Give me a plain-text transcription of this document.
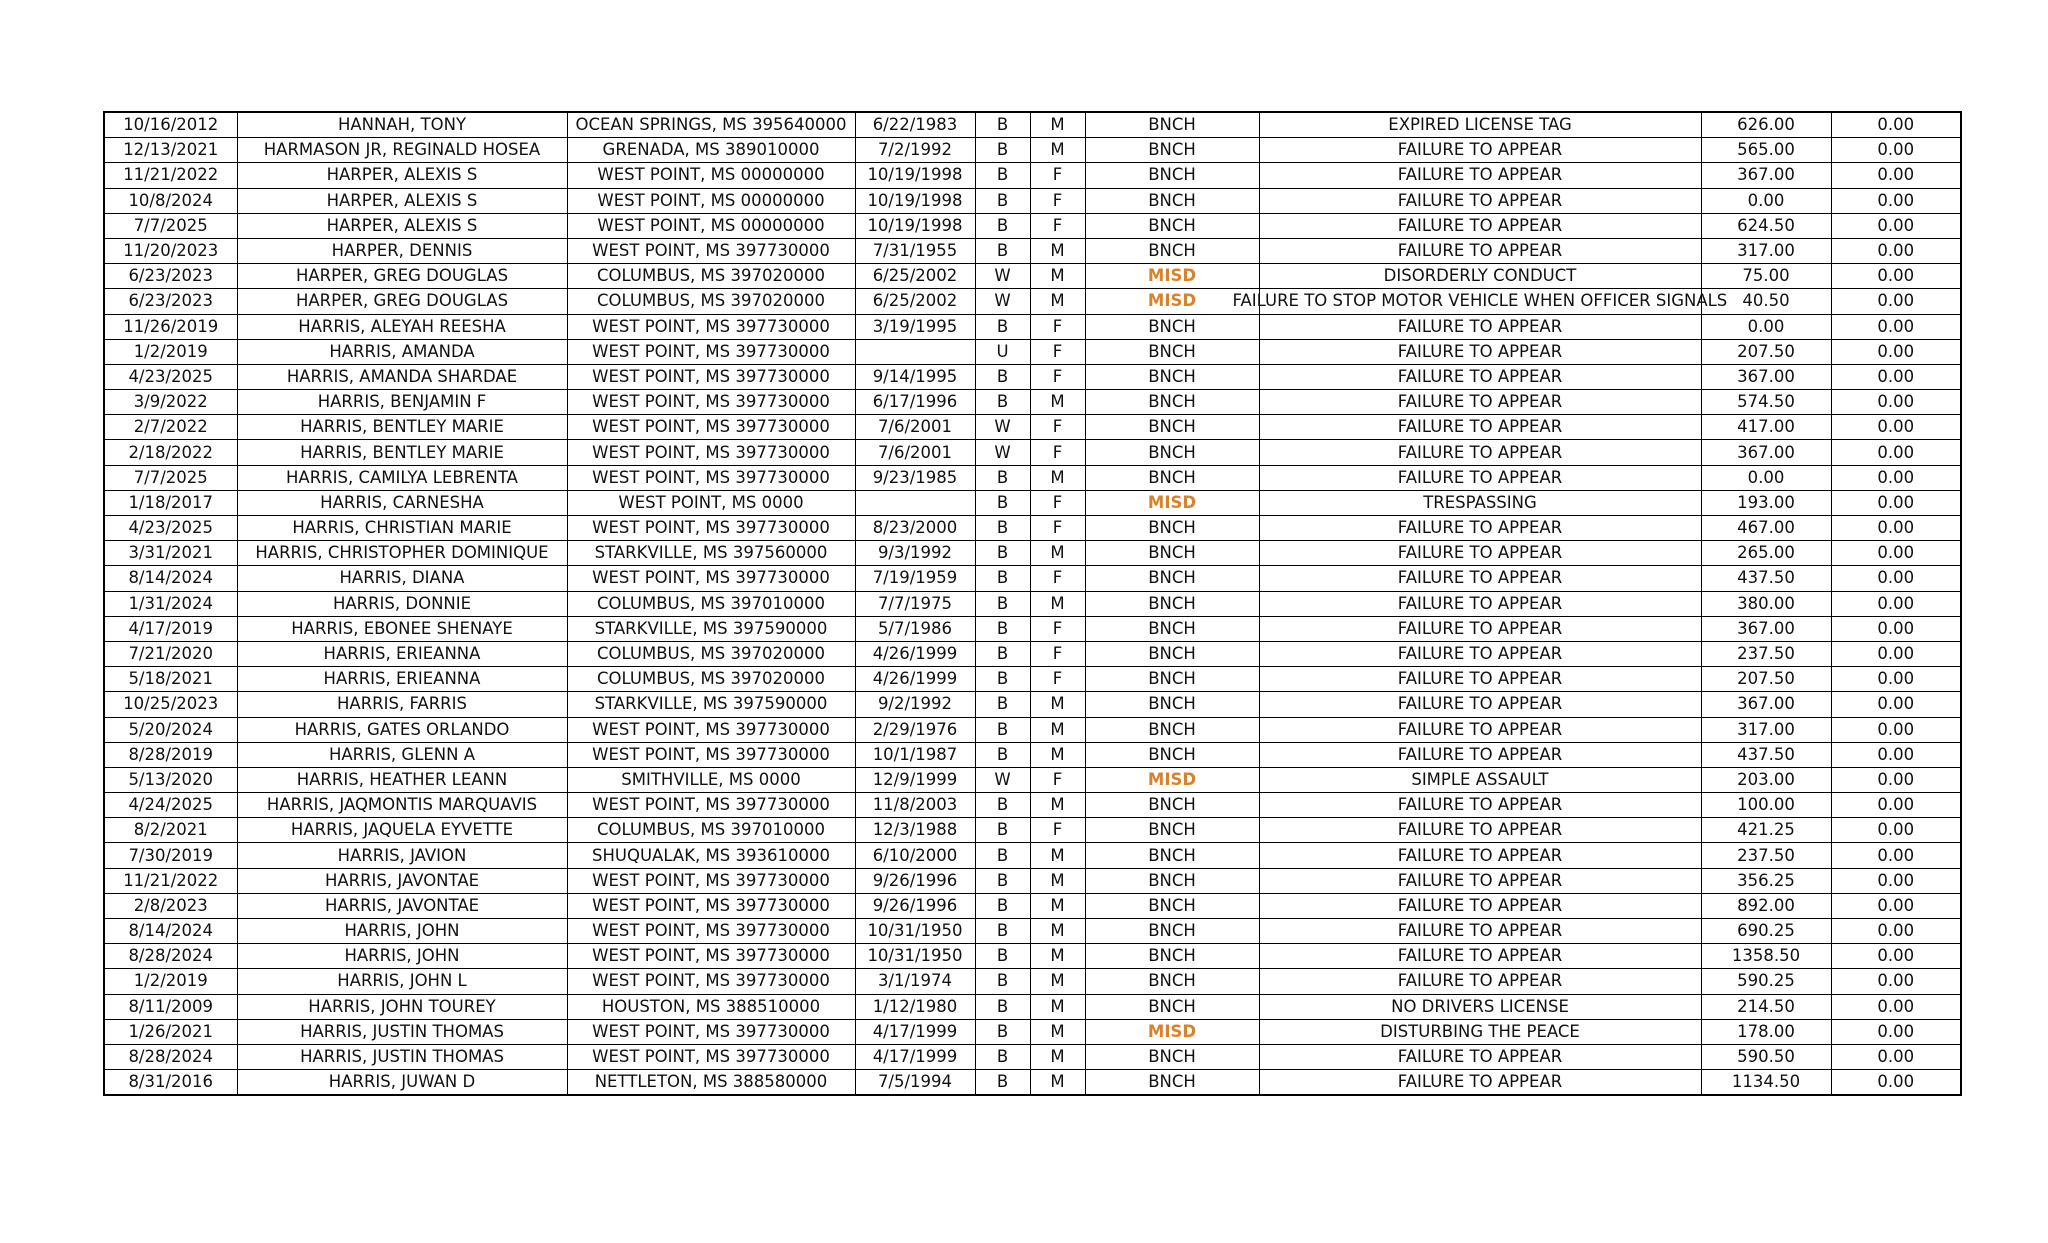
10/16/2012	HANNAH, TONY	OCEAN SPRINGS, MS 395640000	6/22/1983	B	M	BNCH	EXPIRED LICENSE TAG	626.00	0.00
12/13/2021	HARMASON JR, REGINALD HOSEA	GRENADA, MS 389010000	7/2/1992	B	M	BNCH	FAILURE TO APPEAR	565.00	0.00
11/21/2022	HARPER, ALEXIS S	WEST POINT, MS 00000000	10/19/1998	B	F	BNCH	FAILURE TO APPEAR	367.00	0.00
10/8/2024	HARPER, ALEXIS S	WEST POINT, MS 00000000	10/19/1998	B	F	BNCH	FAILURE TO APPEAR	0.00	0.00
7/7/2025	HARPER, ALEXIS S	WEST POINT, MS 00000000	10/19/1998	B	F	BNCH	FAILURE TO APPEAR	624.50	0.00
11/20/2023	HARPER, DENNIS	WEST POINT, MS 397730000	7/31/1955	B	M	BNCH	FAILURE TO APPEAR	317.00	0.00
6/23/2023	HARPER, GREG DOUGLAS	COLUMBUS, MS 397020000	6/25/2002	W	M	MISD	DISORDERLY CONDUCT	75.00	0.00
6/23/2023	HARPER, GREG DOUGLAS	COLUMBUS, MS 397020000	6/25/2002	W	M	MISD	FAILURE TO STOP MOTOR VEHICLE WHEN OFFICER SIGNALS	40.50	0.00
11/26/2019	HARRIS, ALEYAH REESHA	WEST POINT, MS 397730000	3/19/1995	B	F	BNCH	FAILURE TO APPEAR	0.00	0.00
1/2/2019	HARRIS, AMANDA	WEST POINT, MS 397730000		U	F	BNCH	FAILURE TO APPEAR	207.50	0.00
4/23/2025	HARRIS, AMANDA SHARDAE	WEST POINT, MS 397730000	9/14/1995	B	F	BNCH	FAILURE TO APPEAR	367.00	0.00
3/9/2022	HARRIS, BENJAMIN F	WEST POINT, MS 397730000	6/17/1996	B	M	BNCH	FAILURE TO APPEAR	574.50	0.00
2/7/2022	HARRIS, BENTLEY MARIE	WEST POINT, MS 397730000	7/6/2001	W	F	BNCH	FAILURE TO APPEAR	417.00	0.00
2/18/2022	HARRIS, BENTLEY MARIE	WEST POINT, MS 397730000	7/6/2001	W	F	BNCH	FAILURE TO APPEAR	367.00	0.00
7/7/2025	HARRIS, CAMILYA LEBRENTA	WEST POINT, MS 397730000	9/23/1985	B	M	BNCH	FAILURE TO APPEAR	0.00	0.00
1/18/2017	HARRIS, CARNESHA	WEST POINT, MS 0000		B	F	MISD	TRESPASSING	193.00	0.00
4/23/2025	HARRIS, CHRISTIAN MARIE	WEST POINT, MS 397730000	8/23/2000	B	F	BNCH	FAILURE TO APPEAR	467.00	0.00
3/31/2021	HARRIS, CHRISTOPHER DOMINIQUE	STARKVILLE, MS 397560000	9/3/1992	B	M	BNCH	FAILURE TO APPEAR	265.00	0.00
8/14/2024	HARRIS, DIANA	WEST POINT, MS 397730000	7/19/1959	B	F	BNCH	FAILURE TO APPEAR	437.50	0.00
1/31/2024	HARRIS, DONNIE	COLUMBUS, MS 397010000	7/7/1975	B	M	BNCH	FAILURE TO APPEAR	380.00	0.00
4/17/2019	HARRIS, EBONEE SHENAYE	STARKVILLE, MS 397590000	5/7/1986	B	F	BNCH	FAILURE TO APPEAR	367.00	0.00
7/21/2020	HARRIS, ERIEANNA	COLUMBUS, MS 397020000	4/26/1999	B	F	BNCH	FAILURE TO APPEAR	237.50	0.00
5/18/2021	HARRIS, ERIEANNA	COLUMBUS, MS 397020000	4/26/1999	B	F	BNCH	FAILURE TO APPEAR	207.50	0.00
10/25/2023	HARRIS, FARRIS	STARKVILLE, MS 397590000	9/2/1992	B	M	BNCH	FAILURE TO APPEAR	367.00	0.00
5/20/2024	HARRIS, GATES ORLANDO	WEST POINT, MS 397730000	2/29/1976	B	M	BNCH	FAILURE TO APPEAR	317.00	0.00
8/28/2019	HARRIS, GLENN A	WEST POINT, MS 397730000	10/1/1987	B	M	BNCH	FAILURE TO APPEAR	437.50	0.00
5/13/2020	HARRIS, HEATHER LEANN	SMITHVILLE, MS 0000	12/9/1999	W	F	MISD	SIMPLE ASSAULT	203.00	0.00
4/24/2025	HARRIS, JAQMONTIS MARQUAVIS	WEST POINT, MS 397730000	11/8/2003	B	M	BNCH	FAILURE TO APPEAR	100.00	0.00
8/2/2021	HARRIS, JAQUELA EYVETTE	COLUMBUS, MS 397010000	12/3/1988	B	F	BNCH	FAILURE TO APPEAR	421.25	0.00
7/30/2019	HARRIS, JAVION	SHUQUALAK, MS 393610000	6/10/2000	B	M	BNCH	FAILURE TO APPEAR	237.50	0.00
11/21/2022	HARRIS, JAVONTAE	WEST POINT, MS 397730000	9/26/1996	B	M	BNCH	FAILURE TO APPEAR	356.25	0.00
2/8/2023	HARRIS, JAVONTAE	WEST POINT, MS 397730000	9/26/1996	B	M	BNCH	FAILURE TO APPEAR	892.00	0.00
8/14/2024	HARRIS, JOHN	WEST POINT, MS 397730000	10/31/1950	B	M	BNCH	FAILURE TO APPEAR	690.25	0.00
8/28/2024	HARRIS, JOHN	WEST POINT, MS 397730000	10/31/1950	B	M	BNCH	FAILURE TO APPEAR	1358.50	0.00
1/2/2019	HARRIS, JOHN L	WEST POINT, MS 397730000	3/1/1974	B	M	BNCH	FAILURE TO APPEAR	590.25	0.00
8/11/2009	HARRIS, JOHN TOUREY	HOUSTON, MS 388510000	1/12/1980	B	M	BNCH	NO DRIVERS LICENSE	214.50	0.00
1/26/2021	HARRIS, JUSTIN THOMAS	WEST POINT, MS 397730000	4/17/1999	B	M	MISD	DISTURBING THE PEACE	178.00	0.00
8/28/2024	HARRIS, JUSTIN THOMAS	WEST POINT, MS 397730000	4/17/1999	B	M	BNCH	FAILURE TO APPEAR	590.50	0.00
8/31/2016	HARRIS, JUWAN D	NETTLETON, MS 388580000	7/5/1994	B	M	BNCH	FAILURE TO APPEAR	1134.50	0.00
